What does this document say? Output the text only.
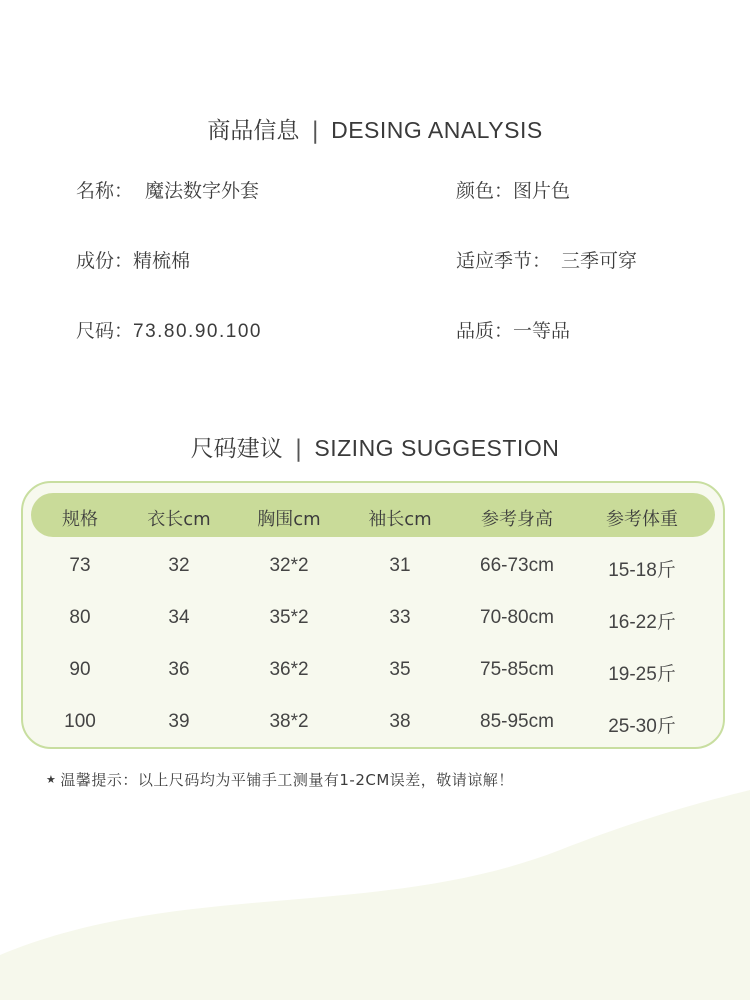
商品信息 | DESING ANALYSIS
名称： 魔法数字外套	颜色：图片色
成份：精梳棉	适应季节： 三季可穿
尺码：73.80.90.100	品质：一等品
尺码建议 | SIZING SUGGESTION
规格	衣长cm	胸围cm	袖长cm	参考身高	参考体重
73	32	32*2	31	66-73cm	15-18斤
80	34	35*2	33	70-80cm	16-22斤
90	36	36*2	35	75-85cm	19-25斤
100	39	38*2	38	85-95cm	25-30斤
★ 温馨提示：以上尺码均为平铺手工测量有1-2CM误差，敬请谅解！
